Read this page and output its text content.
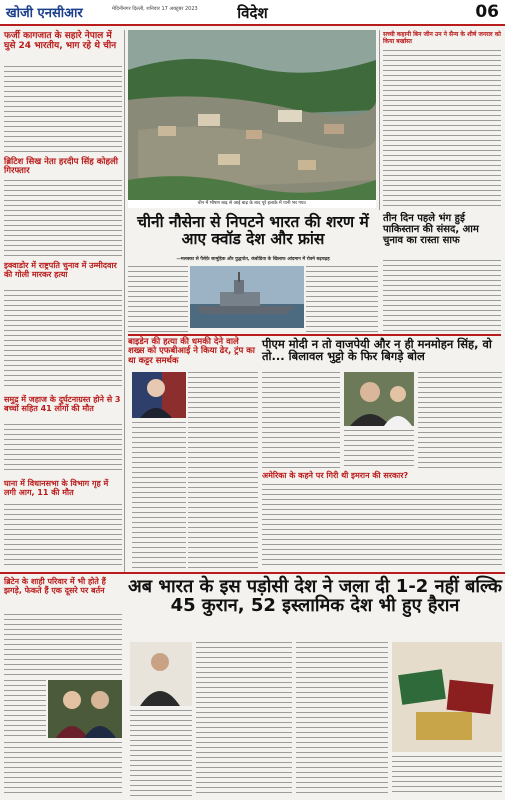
विदेश
खोजी एनसीआर	मेदिनीनगर दिल्ली, शनिवार 17 अक्टूबर 2023	06
फर्जी कागजात के सहारे नेपाल में घुसे 24 भारतीय, भाग रहे थे चीन
ब्रिटिश सिख नेता हरदीप सिंह कोहली गिरफ्तार
इक्वाडोर में राष्ट्रपति चुनाव में उम्मीदवार की गोली मारकर हत्या
समुद्र में जहाज के दुर्घटनाग्रस्त होने से 3 बच्चों सहित 41 लोगों की मौत
घाना में विधानसभा के विभाग गृह में लगी आग, 11 की मौत
चीन में भीषण बाढ़ से आई बाढ़ के बाद पूरे इलाके में पानी भर गया।
सच्ची कहानी बिन जीन उन ने सैन्य के शीर्ष जनरल को किया बर्खास्त
चीनी नौसेना से निपटने भारत की शरण में आए क्वॉड देश और फ्रांस
—मलक्का से पैसेफ़े सामूहिक और युद्धपोत, कंबोडिया के खिलाफ आंदमान में रोक्ने बढ़चढ़ह
तीन दिन पहले भंग हुई पाकिस्तान की संसद, आम चुनाव का रास्ता साफ
बाइडेन की हत्या की धमकी देने वाले शख्स को एफबीआई ने किया ढेर, ट्रंप का था कट्टर समर्थक
पीएम मोदी न तो वाजपेयी और न ही मनमोहन सिंह, वो तो... बिलावल भुट्टो के फिर बिगड़े बोल
अमेरिका के कहने पर गिरी थी इमरान की सरकार?
अब भारत के इस पड़ोसी देश ने जला दी 1-2 नहीं बल्कि 45 कुरान, 52 इस्लामिक देश भी हुए हैरान
ब्रिटेन के शाही परिवार में भी होते हैं झगड़े, फेकते हैं एक दूसरे पर बर्तन
